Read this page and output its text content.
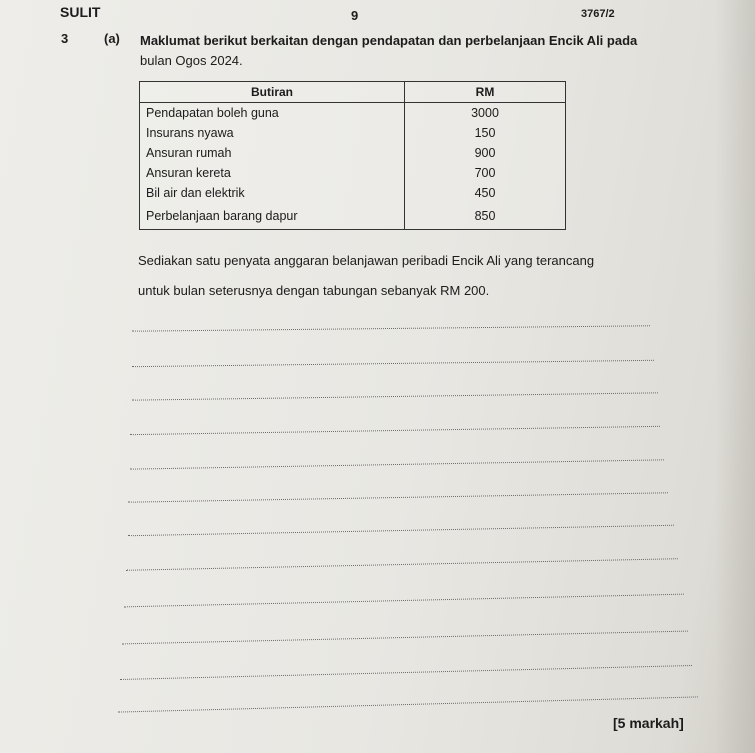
SULIT	9	3767/2
3	(a) Maklumat berikut berkaitan dengan pendapatan dan perbelanjaan Encik Ali pada
bulan Ogos 2024.
Butiran	RM
Pendapatan boleh guna	3000
Insurans nyawa	150
Ansuran rumah	900
Ansuran kereta	700
Bil air dan elektrik	450
Perbelanjaan barang dapur	850
Sediakan satu penyata anggaran belanjawan peribadi Encik Ali yang terancang
untuk bulan seterusnya dengan tabungan sebanyak RM 200.
[5 markah]
